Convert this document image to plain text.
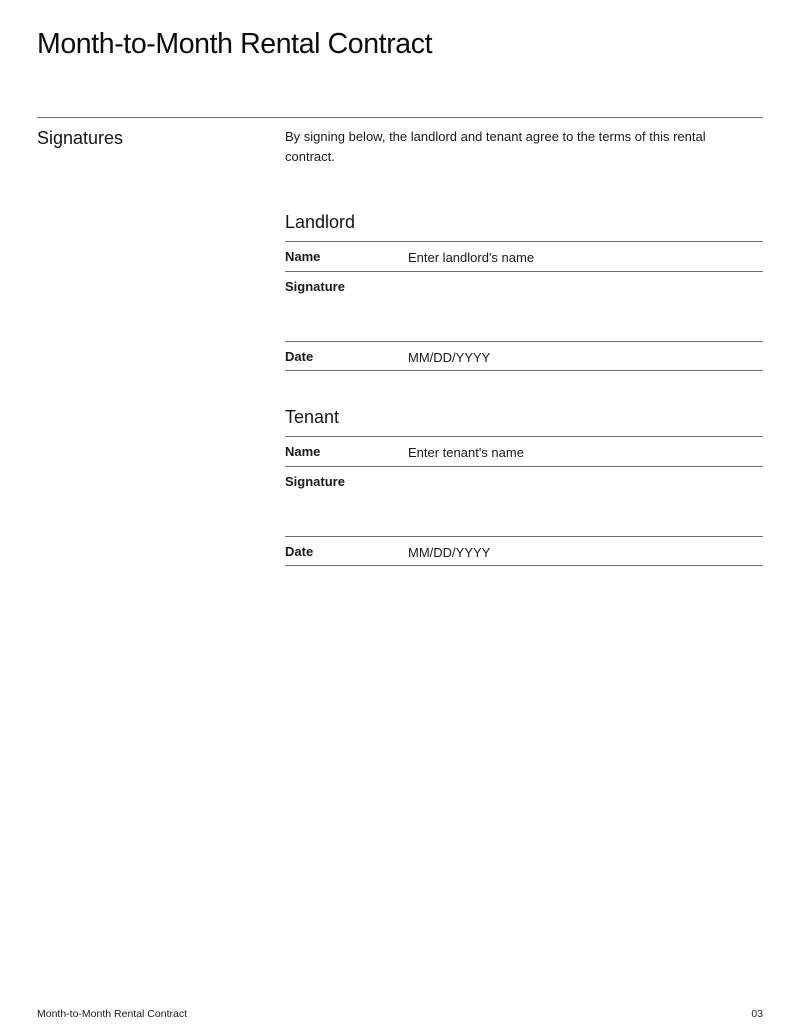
Month-to-Month Rental Contract
Signatures	By signing below, the landlord and tenant agree to the terms of this rental contract.

Landlord
Name	Enter landlord's name
Signature
Date	MM/DD/YYYY
Tenant
Name	Enter tenant's name
Signature
Date	MM/DD/YYYY
Month-to-Month Rental Contract	03
